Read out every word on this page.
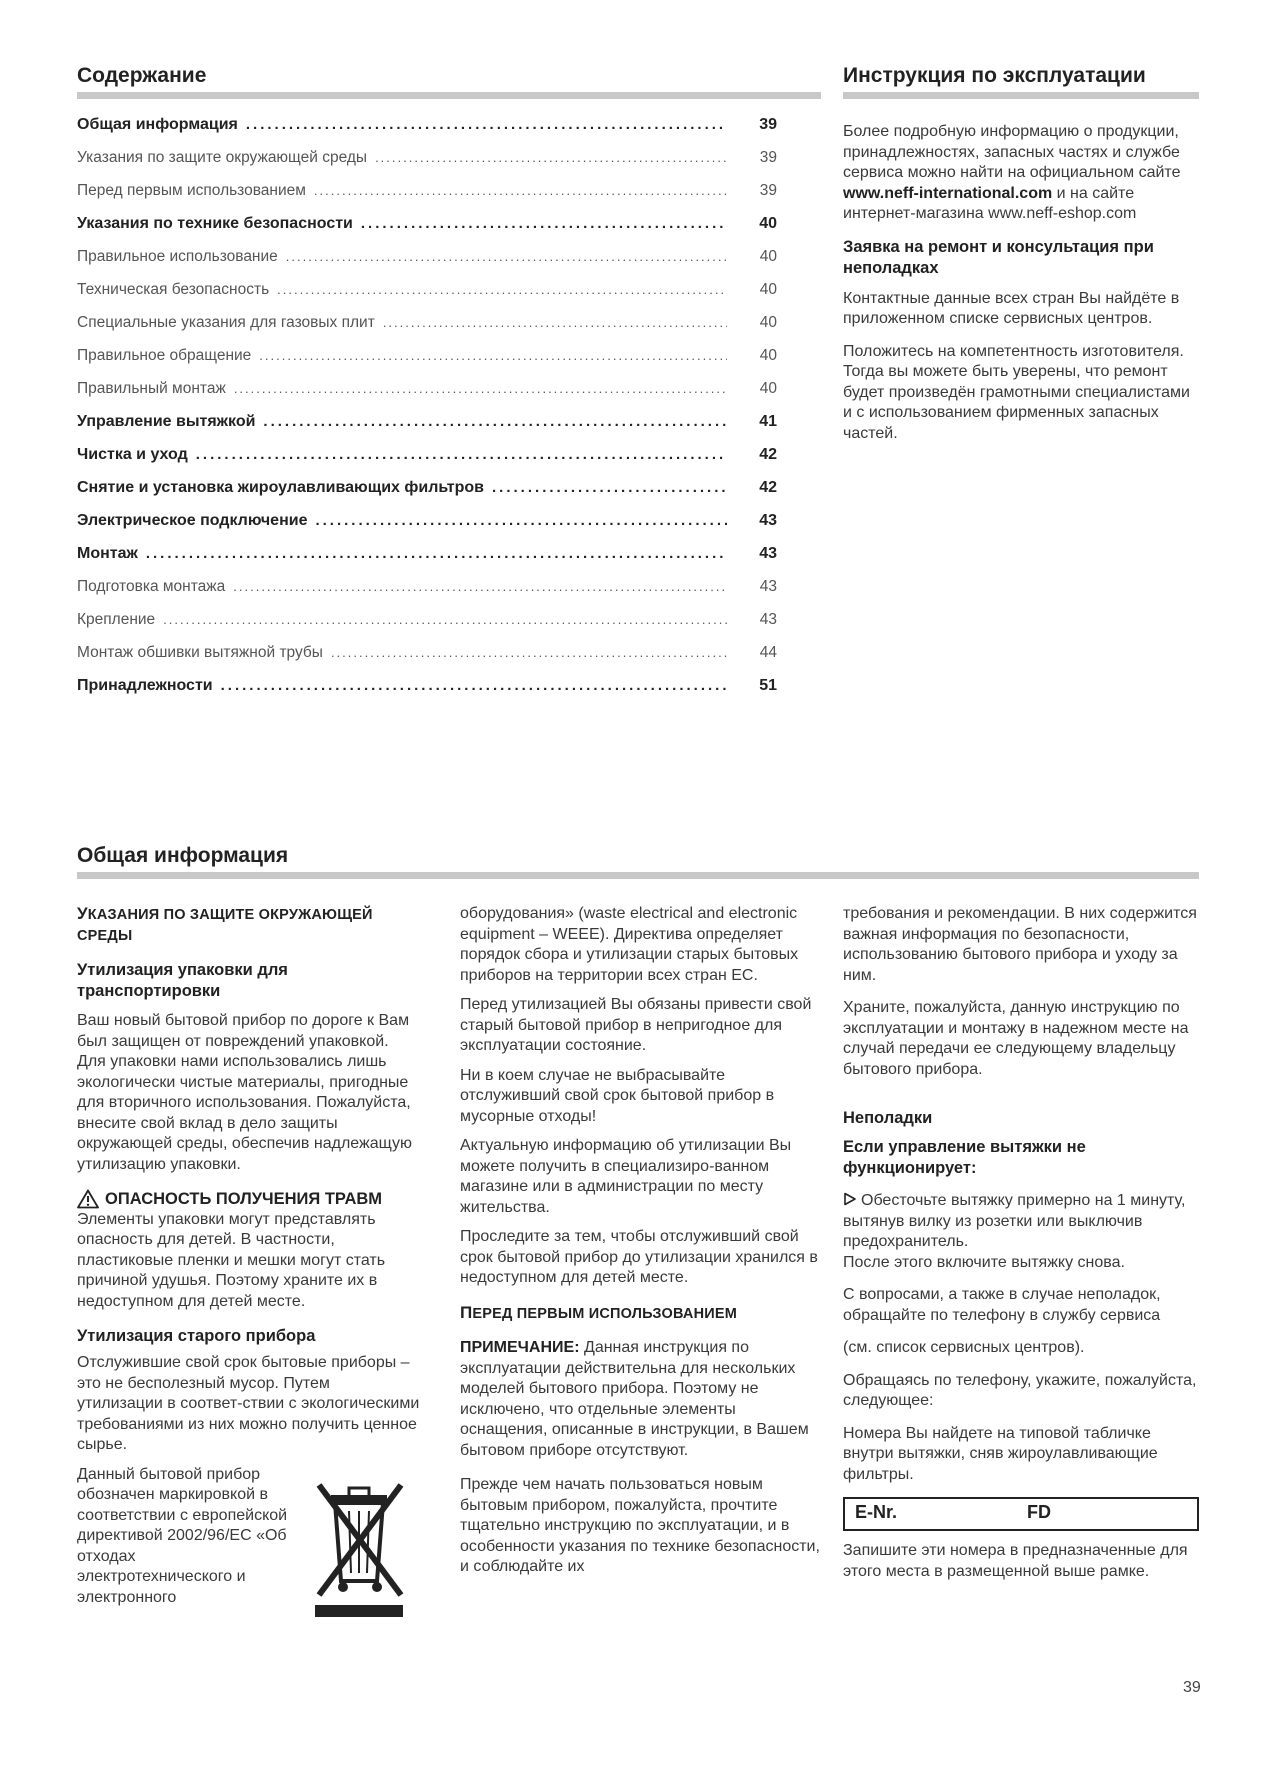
Содержание
Общая информация .....	39
Указания по защите окружающей среды .....	39
Перед первым использованием .....	39
Указания по технике безопасности .....	40
Правильное использование .....	40
Техническая безопасность .....	40
Специальные указания для газовых плит .....	40
Правильное обращение .....	40
Правильный монтаж .....	40
Управление вытяжкой .....	41
Чистка и уход .....	42
Снятие и установка жироулавливающих фильтров .....	42
Электрическое подключение .....	43
Монтаж .....	43
Подготовка монтажа .....	43
Крепление .....	43
Монтаж обшивки вытяжной трубы .....	44
Принадлежности .....	51
Инструкция по эксплуатации

Более подробную информацию о продукции, принадлежностях, запасных частях и службе сервиса можно найти на официальном сайте www.neff-international.com и на сайте интернет-магазина www.neff-eshop.com

Заявка на ремонт и консультация при неполадках

Контактные данные всех стран Вы найдёте в приложенном списке сервисных центров.

Положитесь на компетентность изготовителя. Тогда вы можете быть уверены, что ремонт будет произведён грамотными специалистами и с использованием фирменных запасных частей.

Общая информация

УКАЗАНИЯ ПО ЗАЩИТЕ ОКРУЖАЮЩЕЙ СРЕДЫ

Утилизация упаковки для транспортировки

Ваш новый бытовой прибор по дороге к Вам был защищен от повреждений упаковкой. Для упаковки нами использовались лишь экологически чистые материалы, пригодные для вторичного использования. Пожалуйста, внесите свой вклад в дело защиты окружающей среды, обеспечив надлежащую утилизацию упаковки.

ОПАСНОСТЬ ПОЛУЧЕНИЯ ТРАВМ

Элементы упаковки могут представлять опасность для детей. В частности, пластиковые пленки и мешки могут стать причиной удушья. Поэтому храните их в недоступном для детей месте.

Утилизация старого прибора

Отслужившие свой срок бытовые приборы – это не бесполезный мусор. Путем утилизации в соответ-ствии с экологическими требованиями из них можно получить ценное сырье.

Данный бытовой прибор обозначен маркировкой в соответствии с европейской директивой 2002/96/ЕС «Об отходах электротехнического и электронного

оборудования» (waste electrical and electronic equipment – WEEE). Директива определяет порядок сбора и утилизации старых бытовых приборов на территории всех стран ЕС.

Перед утилизацией Вы обязаны привести свой старый бытовой прибор в непригодное для эксплуатации состояние.

Ни в коем случае не выбрасывайте отслуживший свой срок бытовой прибор в мусорные отходы!

Актуальную информацию об утилизации Вы можете получить в специализиро-ванном магазине или в администрации по месту жительства.

Проследите за тем, чтобы отслуживший свой срок бытовой прибор до утилизации хранился в недоступном для детей месте.

ПЕРЕД ПЕРВЫМ ИСПОЛЬЗОВАНИЕМ

ПРИМЕЧАНИЕ: Данная инструкция по эксплуатации действительна для нескольких моделей бытового прибора. Поэтому не исключено, что отдельные элементы оснащения, описанные в инструкции, в Вашем бытовом приборе отсутствуют.

Прежде чем начать пользоваться новым бытовым прибором, пожалуйста, прочтите тщательно инструкцию по эксплуатации, и в особенности указания по технике безопасности, и соблюдайте их

требования и рекомендации. В них содержится важная информация по безопасности, использованию бытового прибора и уходу за ним.

Храните, пожалуйста, данную инструкцию по эксплуатации и монтажу в надежном месте на случай передачи ее следующему владельцу бытового прибора.

Неполадки

Если управление вытяжки не функционирует:

Обесточьте вытяжку примерно на 1 минуту, вытянув вилку из розетки или выключив предохранитель.

После этого включите вытяжку снова.

С вопросами, а также в случае неполадок, обращайте по телефону в службу сервиса

(см. список сервисных центров).

Обращаясь по телефону, укажите, пожалуйста, следующее:

Номера Вы найдете на типовой табличке внутри вытяжки, сняв жироулавливающие фильтры.

E-Nr.	FD
Запишите эти номера в предназначенные для этого места в размещенной выше рамке.
39
